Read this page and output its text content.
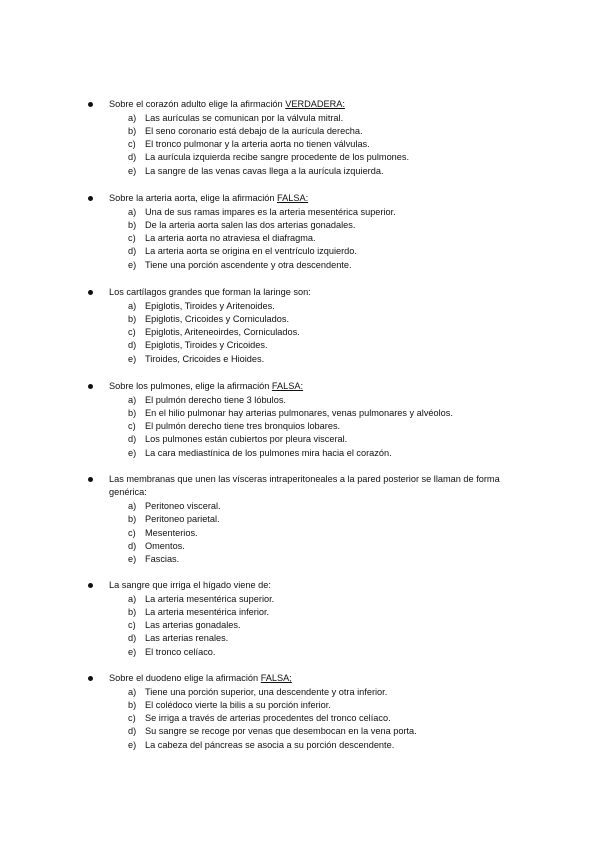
Sobre el corazón adulto elige la afirmación VERDADERA:
a) Las aurículas se comunican por la válvula mitral.
b) El seno coronario está debajo de la aurícula derecha.
c) El tronco pulmonar y la arteria aorta no tienen válvulas.
d) La aurícula izquierda recibe sangre procedente de los pulmones.
e) La sangre de las venas cavas llega a la aurícula izquierda.
Sobre la arteria aorta, elige la afirmación FALSA:
a) Una de sus ramas impares es la arteria mesentérica superior.
b) De la arteria aorta salen las dos arterias gonadales.
c) La arteria aorta no atraviesa el diafragma.
d) La arteria aorta se origina en el ventrículo izquierdo.
e) Tiene una porción ascendente y otra descendente.
Los cartílagos grandes que forman la laringe son:
a) Epiglotis, Tiroides y Aritenoides.
b) Epiglotis, Cricoides y Corniculados.
c) Epiglotis, Ariteneoirdes, Corniculados.
d) Epiglotis, Tiroides y Cricoides.
e) Tiroides, Cricoides e Hioides.
Sobre los pulmones, elige la afirmación FALSA:
a) El pulmón derecho tiene 3 lóbulos.
b) En el hilio pulmonar hay arterias pulmonares, venas pulmonares y alvéolos.
c) El pulmón derecho tiene tres bronquios lobares.
d) Los pulmones están cubiertos por pleura visceral.
e) La cara mediastínica de los pulmones mira hacia el corazón.
Las membranas que unen las vísceras intraperitoneales a la pared posterior se llaman de forma genérica:
a) Peritoneo visceral.
b) Peritoneo parietal.
c) Mesenterios.
d) Omentos.
e) Fascias.
La sangre que irriga el hígado viene de:
a) La arteria mesentérica superior.
b) La arteria mesentérica inferior.
c) Las arterias gonadales.
d) Las arterias renales.
e) El tronco celíaco.
Sobre el duodeno elige la afirmación FALSA;
a) Tiene una porción superior, una descendente y otra inferior.
b) El colédoco vierte la bilis a su porción inferior.
c) Se irriga a través de arterias procedentes del tronco celíaco.
d) Su sangre se recoge por venas que desembocan en la vena porta.
e) La cabeza del páncreas se asocia a su porción descendente.
